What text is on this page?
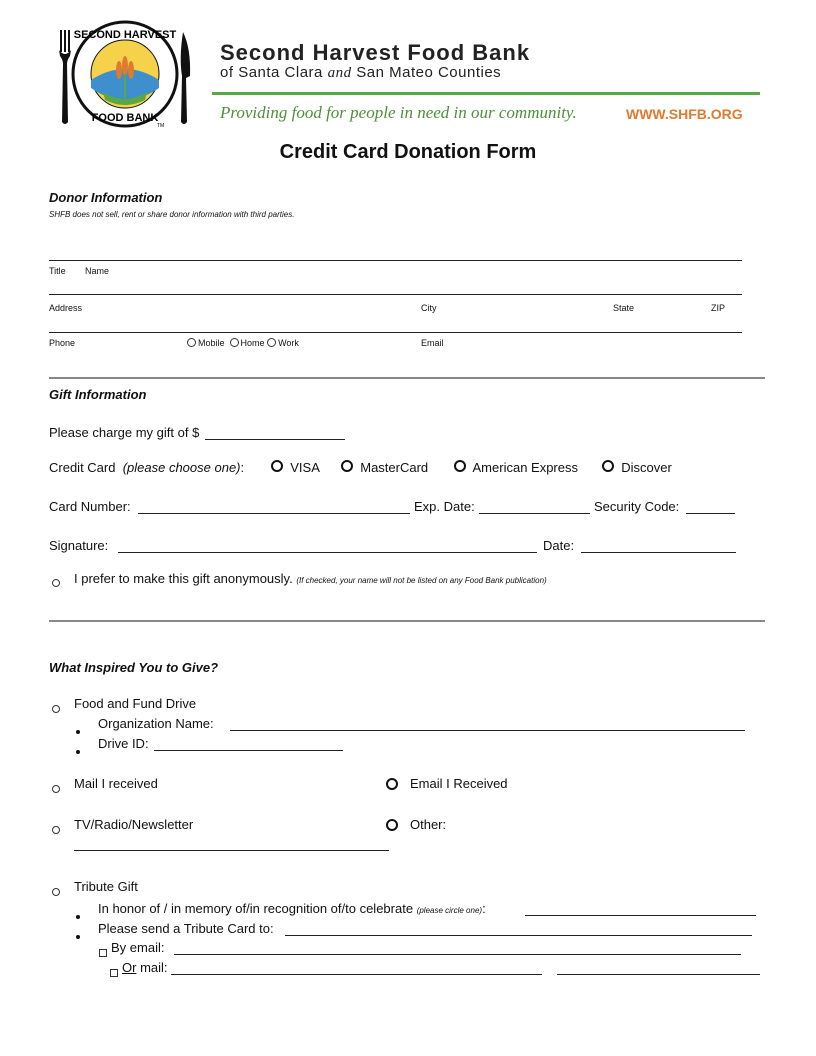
SECOND HARVEST
FOOD BANK
TM
Second Harvest Food Bank
of Santa Clara and San Mateo Counties
Providing food for people in need in our community.	WWW.SHFB.ORG
Credit Card Donation Form
Donor Information
SHFB does not sell, rent or share donor information with third parties.
Title Name
Address	City	State	ZIP
Phone	Mobile Home Work	Email
Gift Information
Please charge my gift of $
Credit Card (please choose one):	VISA	MasterCard	American Express	Discover
Card Number:	Exp. Date:	Security Code:
Signature:	Date:
I prefer to make this gift anonymously. (If checked, your name will not be listed on any Food Bank publication)
What Inspired You to Give?
Food and Fund Drive
Organization Name:
Drive ID:
Mail I received	Email I Received
TV/Radio/Newsletter	Other:
Tribute Gift
In honor of / in memory of/in recognition of/to celebrate (please circle one):
Please send a Tribute Card to:
By email:
Or mail:
